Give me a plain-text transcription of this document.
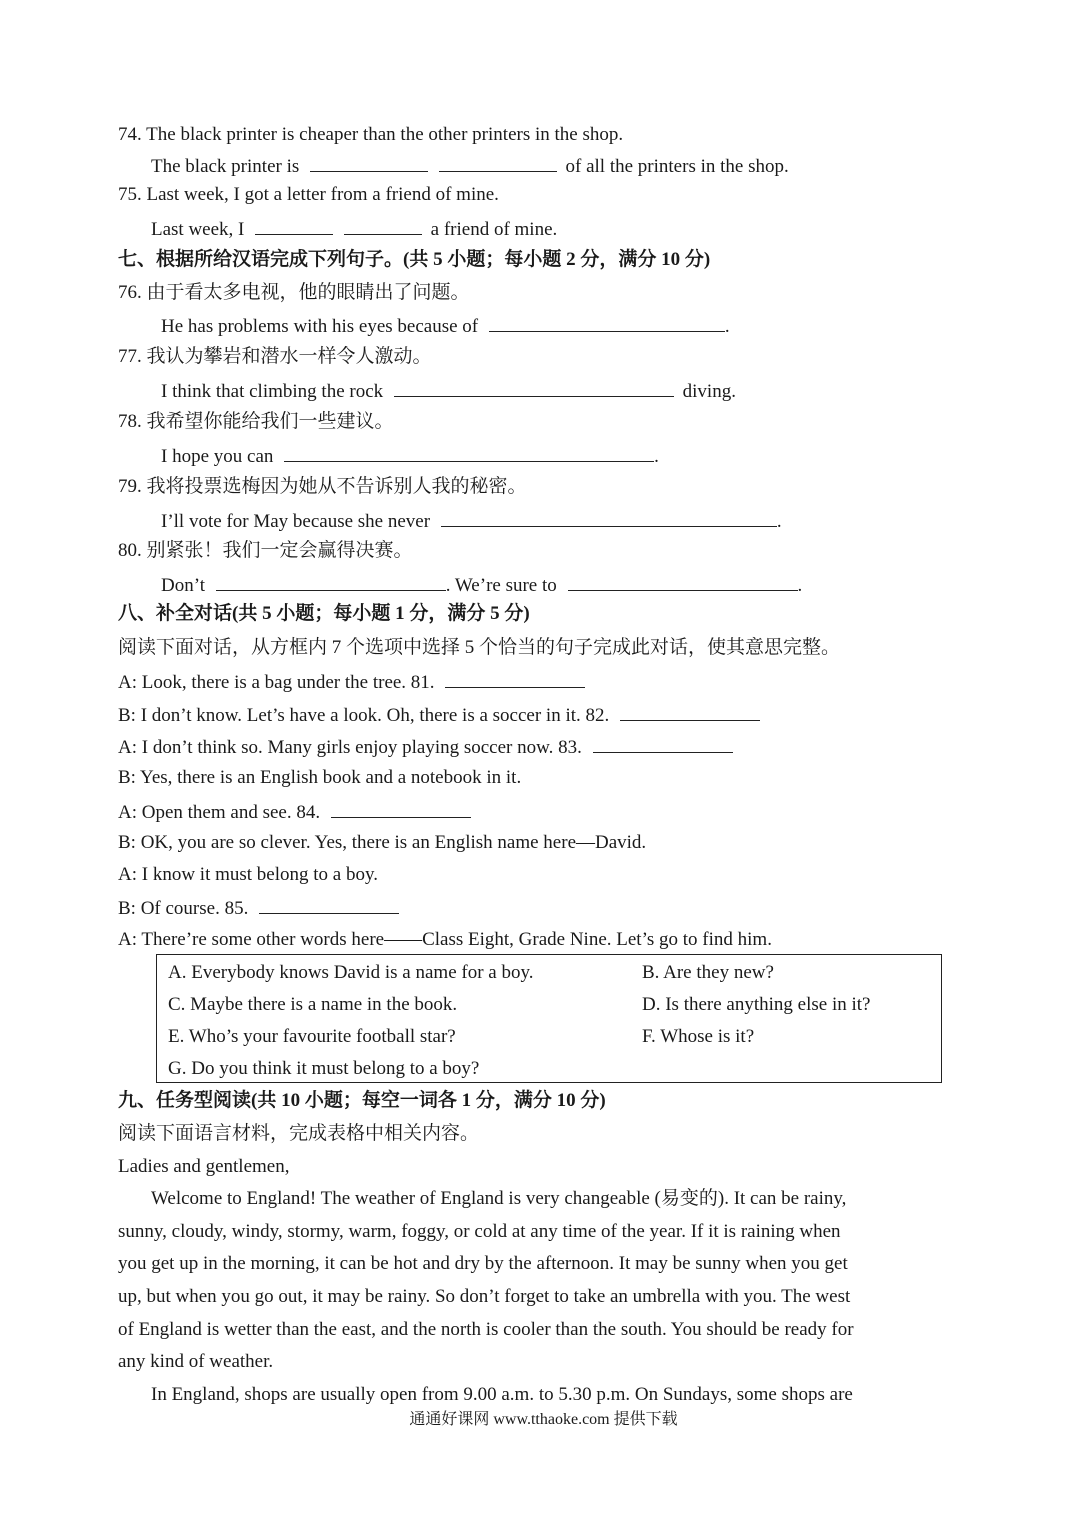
74. The black printer is cheaper than the other printers in the shop.
The black printer is	of all the printers in the shop.
75. Last week, I got a letter from a friend of mine.
Last week, I	a friend of mine.
七、根据所给汉语完成下列句子。(共 5 小题；每小题 2 分，满分 10 分)
76. 由于看太多电视，他的眼睛出了问题。
He has problems with his eyes because of	.
77. 我认为攀岩和潜水一样令人激动。
I think that climbing the rock	diving.
78. 我希望你能给我们一些建议。
I hope you can	.
79. 我将投票选梅因为她从不告诉别人我的秘密。
I’ll vote for May because she never	.
80. 别紧张！我们一定会赢得决赛。
Don’t	. We’re sure to	.
八、补全对话(共 5 小题；每小题 1 分，满分 5 分)
阅读下面对话，从方框内 7 个选项中选择 5 个恰当的句子完成此对话，使其意思完整。
A: Look, there is a bag under the tree. 81.
B: I don’t know. Let’s have a look. Oh, there is a soccer in it. 82.
A: I don’t think so. Many girls enjoy playing soccer now. 83.
B: Yes, there is an English book and a notebook in it.
A: Open them and see. 84.
B: OK, you are so clever. Yes, there is an English name here—David.
A: I know it must belong to a boy.
B: Of course. 85.
A: There’re some other words here——Class Eight, Grade Nine. Let’s go to find him.
A. Everybody knows David is a name for a boy.	B. Are they new?
C. Maybe there is a name in the book.	D. Is there anything else in it?
E. Who’s your favourite football star?	F. Whose is it?
G. Do you think it must belong to a boy?
九、任务型阅读(共 10 小题；每空一词各 1 分，满分 10 分)
阅读下面语言材料，完成表格中相关内容。
Ladies and gentlemen,
Welcome to England! The weather of England is very changeable (易变的). It can be rainy,
sunny, cloudy, windy, stormy, warm, foggy, or cold at any time of the year. If it is raining when
you get up in the morning, it can be hot and dry by the afternoon. It may be sunny when you get
up, but when you go out, it may be rainy. So don’t forget to take an umbrella with you. The west
of England is wetter than the east, and the north is cooler than the south. You should be ready for
any kind of weather.
In England, shops are usually open from 9.00 a.m. to 5.30 p.m. On Sundays, some shops are
通通好课网 www.tthaoke.com 提供下载
